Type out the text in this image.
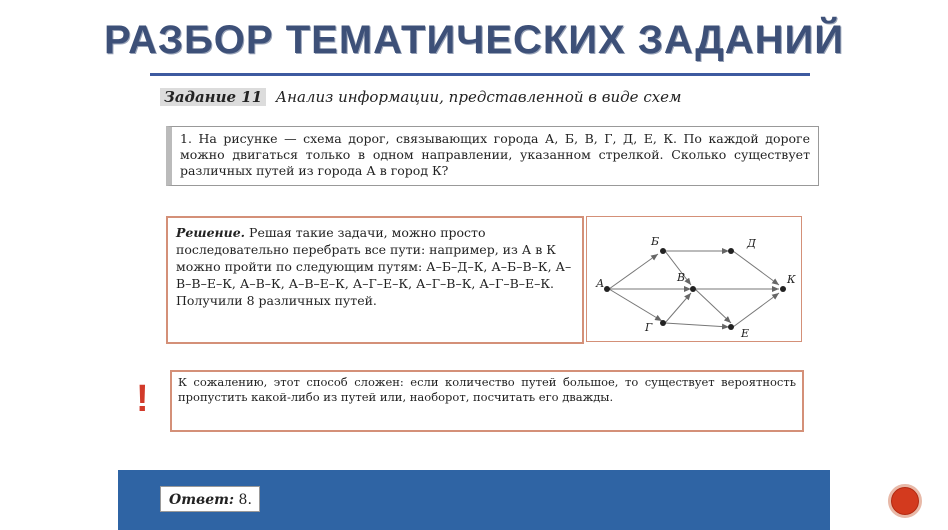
РАЗБОР ТЕМАТИЧЕСКИХ ЗАДАНИЙ
Задание 11 Анализ информации, представленной в виде схем

1. На рисунке — схема дорог, связывающих города А, Б, В, Г, Д, Е, К. По каждой дороге можно двигаться только в одном направлении, указанном стрелкой. Сколько существует различных путей из города А в город К?

Решение. Решая такие задачи, можно просто последовательно перебрать все пути: например, из А в К можно пройти по следующим путям: А–Б–Д–К, А–Б–В–К, А–В–В–Е–К, А–В–К, А–В–Е–К, А–Г–Е–К, А–Г–В–К, А–Г–В–Е–К. Получили 8 различных путей.

А
Б
В
Г
Д
Е
К
!	К сожалению, этот способ сложен: если количество путей большое, то существует вероятность пропустить какой-либо из путей или, наоборот, посчитать его дважды.

Ответ: 8.
